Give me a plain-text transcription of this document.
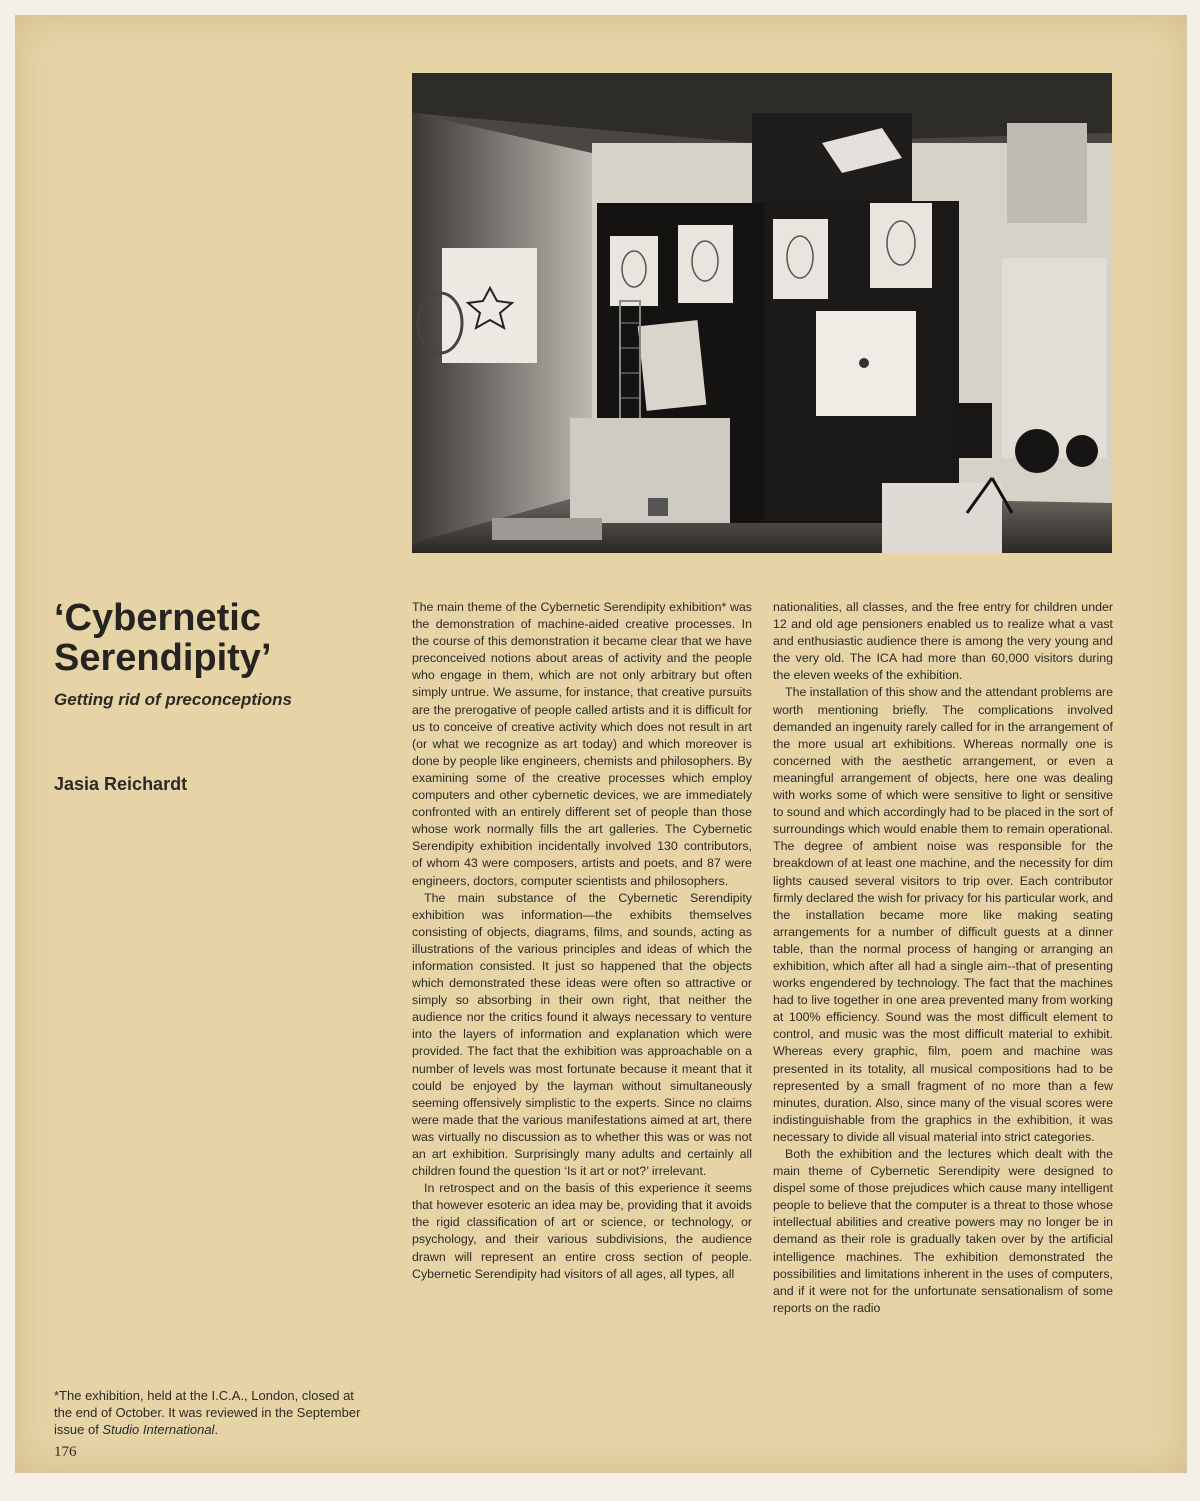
‘Cybernetic
Serendipity’

Getting rid of preconceptions

Jasia Reichardt

*The exhibition, held at the I.C.A., London, closed at the end of October. It was reviewed in the September issue of Studio International.

176

The main theme of the Cybernetic Serendipity exhibition* was the demonstration of machine-aided creative processes. In the course of this demonstration it became clear that we have preconceived notions about areas of activity and the people who engage in them, which are not only arbitrary but often simply untrue. We assume, for instance, that creative pursuits are the prerogative of people called artists and it is difficult for us to conceive of creative activity which does not result in art (or what we recognize as art today) and which moreover is done by people like engineers, chemists and philosophers. By examining some of the creative processes which employ computers and other cybernetic devices, we are immediately confronted with an entirely different set of people than those whose work normally fills the art galleries. The Cybernetic Serendipity exhibition incidentally involved 130 contributors, of whom 43 were composers, artists and poets, and 87 were engineers, doctors, computer scientists and philosophers.

The main substance of the Cybernetic Serendipity exhibition was information—the exhibits themselves consisting of objects, diagrams, films, and sounds, acting as illustrations of the various principles and ideas of which the information consisted. It just so happened that the objects which demonstrated these ideas were often so attractive or simply so absorbing in their own right, that neither the audience nor the critics found it always necessary to venture into the layers of information and explanation which were provided. The fact that the exhibition was approachable on a number of levels was most fortunate because it meant that it could be enjoyed by the layman without simultaneously seeming offensively simplistic to the experts. Since no claims were made that the various manifestations aimed at art, there was virtually no discussion as to whether this was or was not an art exhibition. Surprisingly many adults and certainly all children found the question ‘Is it art or not?’ irrelevant.

In retrospect and on the basis of this experience it seems that however esoteric an idea may be, providing that it avoids the rigid classification of art or science, or technology, or psychology, and their various subdivisions, the audience drawn will represent an entire cross section of people. Cybernetic Serendipity had visitors of all ages, all types, all

nationalities, all classes, and the free entry for children under 12 and old age pensioners enabled us to realize what a vast and enthusiastic audience there is among the very young and the very old. The ICA had more than 60,000 visitors during the eleven weeks of the exhibition.

The installation of this show and the attendant problems are worth mentioning briefly. The complications involved demanded an ingenuity rarely called for in the arrangement of the more usual art exhibitions. Whereas normally one is concerned with the aesthetic arrangement, or even a meaningful arrangement of objects, here one was dealing with works some of which were sensitive to light or sensitive to sound and which accordingly had to be placed in the sort of surroundings which would enable them to remain operational. The degree of ambient noise was responsible for the breakdown of at least one machine, and the necessity for dim lights caused several visitors to trip over. Each contributor firmly declared the wish for privacy for his particular work, and the installation became more like making seating arrangements for a number of difficult guests at a dinner table, than the normal process of hanging or arranging an exhibition, which after all had a single aim--that of presenting works engendered by technology. The fact that the machines had to live together in one area prevented many from working at 100% efficiency. Sound was the most difficult element to control, and music was the most difficult material to exhibit. Whereas every graphic, film, poem and machine was presented in its totality, all musical compositions had to be represented by a small fragment of no more than a few minutes, duration. Also, since many of the visual scores were indistinguishable from the graphics in the exhibition, it was necessary to divide all visual material into strict categories.

Both the exhibition and the lectures which dealt with the main theme of Cybernetic Serendipity were designed to dispel some of those prejudices which cause many intelligent people to believe that the computer is a threat to those whose intellectual abilities and creative powers may no longer be in demand as their role is gradually taken over by the artificial intelligence machines. The exhibition demonstrated the possibilities and limitations inherent in the uses of computers, and if it were not for the unfortunate sensationalism of some reports on the radio
